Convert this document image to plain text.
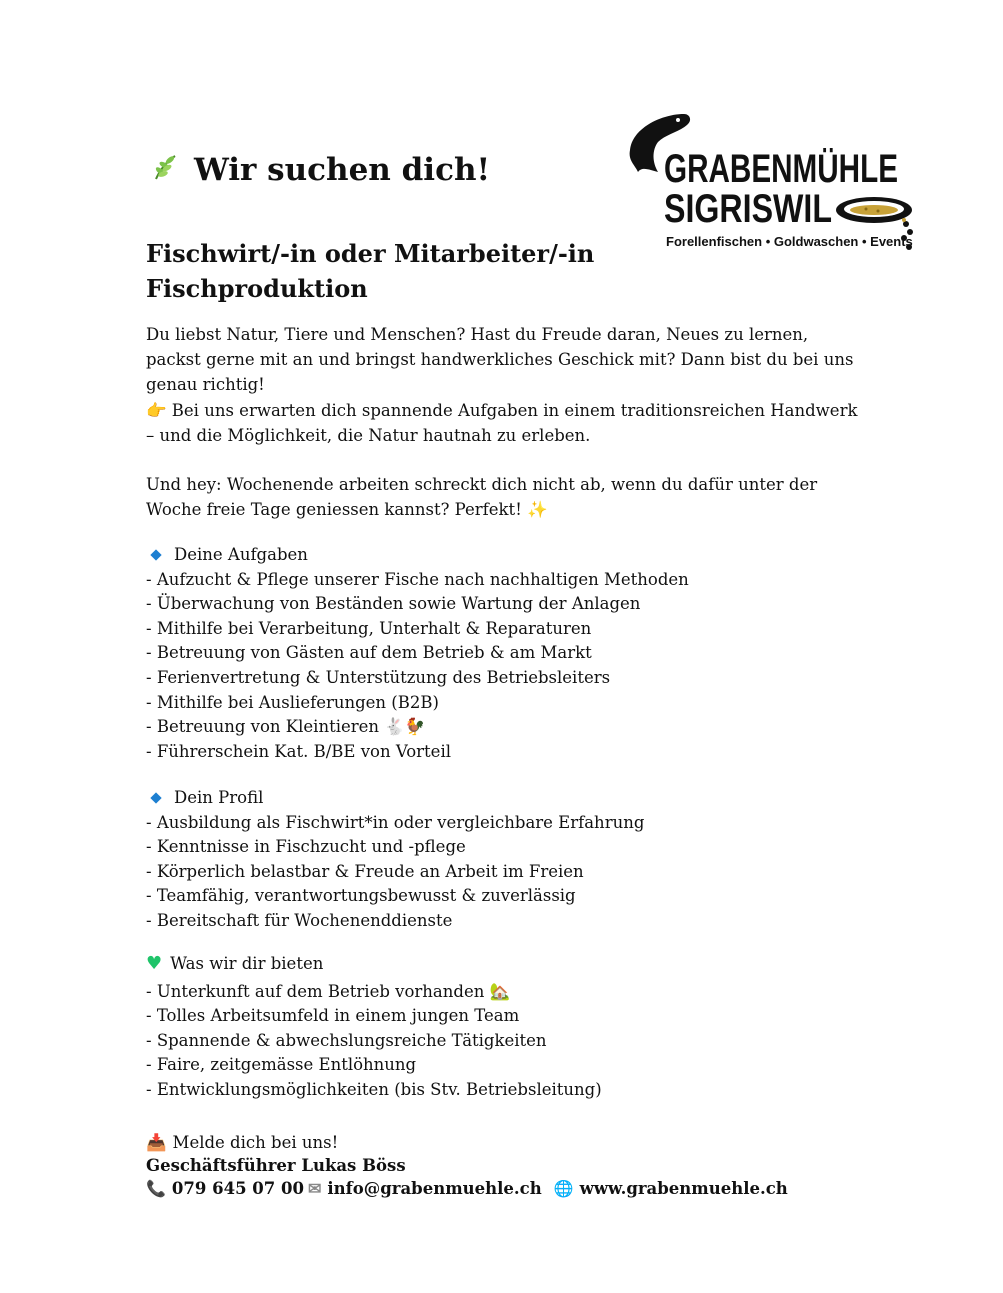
Wir suchen dich!
Fischwirt/-in oder Mitarbeiter/-in
Fischproduktion
GRABENMÜHLE
SIGRISWIL
Forellenfischen • Goldwaschen • Events
Du liebst Natur, Tiere und Menschen? Hast du Freude daran, Neues zu lernen, packst gerne mit an und bringst handwerkliches Geschick mit? Dann bist du bei uns genau richtig!
👉 Bei uns erwarten dich spannende Aufgaben in einem traditionsreichen Handwerk – und die Möglichkeit, die Natur hautnah zu erleben.
Und hey: Wochenende arbeiten schreckt dich nicht ab, wenn du dafür unter der Woche freie Tage geniessen kannst? Perfekt! ✨
Deine Aufgaben
- Aufzucht & Pflege unserer Fische nach nachhaltigen Methoden
- Überwachung von Beständen sowie Wartung der Anlagen
- Mithilfe bei Verarbeitung, Unterhalt & Reparaturen
- Betreuung von Gästen auf dem Betrieb & am Markt
- Ferienvertretung & Unterstützung des Betriebsleiters
- Mithilfe bei Auslieferungen (B2B)
- Betreuung von Kleintieren 🐇🐓
- Führerschein Kat. B/BE von Vorteil
Dein Profil
- Ausbildung als Fischwirt*in oder vergleichbare Erfahrung
- Kenntnisse in Fischzucht und -pflege
- Körperlich belastbar & Freude an Arbeit im Freien
- Teamfähig, verantwortungsbewusst & zuverlässig
- Bereitschaft für Wochenenddienste
♥ Was wir dir bieten
- Unterkunft auf dem Betrieb vorhanden 🏡
- Tolles Arbeitsumfeld in einem jungen Team
- Spannende & abwechslungsreiche Tätigkeiten
- Faire, zeitgemässe Entlöhnung
- Entwicklungsmöglichkeiten (bis Stv. Betriebsleitung)
📥 Melde dich bei uns!
Geschäftsführer Lukas Böss
📞 079 645 07 00 ✉ info@grabenmuehle.ch 🌐 www.grabenmuehle.ch
